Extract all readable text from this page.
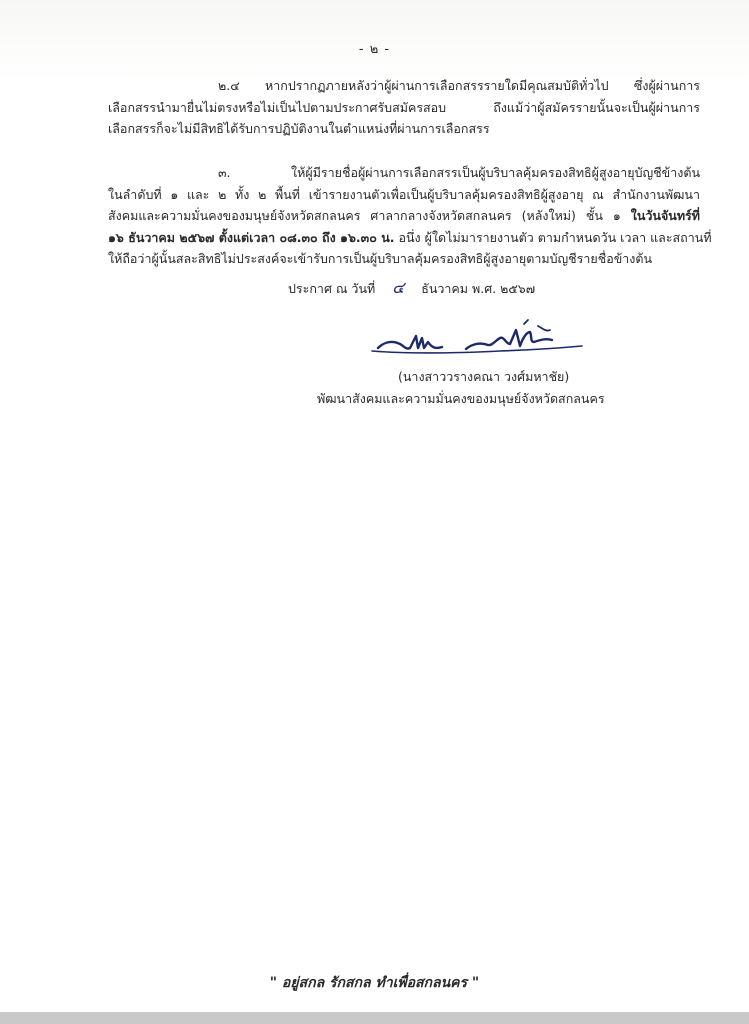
- ๒ -
๒.๔ หากปรากฏภายหลังว่าผู้ผ่านการเลือกสรรรายใดมีคุณสมบัติทั่วไป ซึ่งผู้ผ่านการ
เลือกสรรนำมายื่นไม่ตรงหรือไม่เป็นไปตามประกาศรับสมัครสอบ ถึงแม้ว่าผู้สมัครรายนั้นจะเป็นผู้ผ่านการ
เลือกสรรก็จะไม่มีสิทธิได้รับการปฏิบัติงานในตำแหน่งที่ผ่านการเลือกสรร
๓. ให้ผู้มีรายชื่อผู้ผ่านการเลือกสรรเป็นผู้บริบาลคุ้มครองสิทธิผู้สูงอายุบัญชีข้างต้น
ในลำดับที่ ๑ และ ๒ ทั้ง ๒ พื้นที่ เข้ารายงานตัวเพื่อเป็นผู้บริบาลคุ้มครองสิทธิผู้สูงอายุ ณ สำนักงานพัฒนา
สังคมและความมั่นคงของมนุษย์จังหวัดสกลนคร ศาลากลางจังหวัดสกลนคร (หลังใหม่) ชั้น ๑ ในวันจันทร์ที่
๑๖ ธันวาคม ๒๕๖๗ ตั้งแต่เวลา ๐๘.๓๐ ถึง ๑๖.๓๐ น. อนึ่ง ผู้ใดไม่มารายงานตัว ตามกำหนดวัน เวลา และสถานที่
ให้ถือว่าผู้นั้นสละสิทธิไม่ประสงค์จะเข้ารับการเป็นผู้บริบาลคุ้มครองสิทธิผู้สูงอายุตามบัญชีรายชื่อข้างต้น
ประกาศ ณ วันที่ ๔ ธันวาคม พ.ศ. ๒๕๖๗
(นางสาววรางคณา วงศ์มหาชัย)
พัฒนาสังคมและความมั่นคงของมนุษย์จังหวัดสกลนคร
" อยู่สกล รักสกล ทำเพื่อสกลนคร "
